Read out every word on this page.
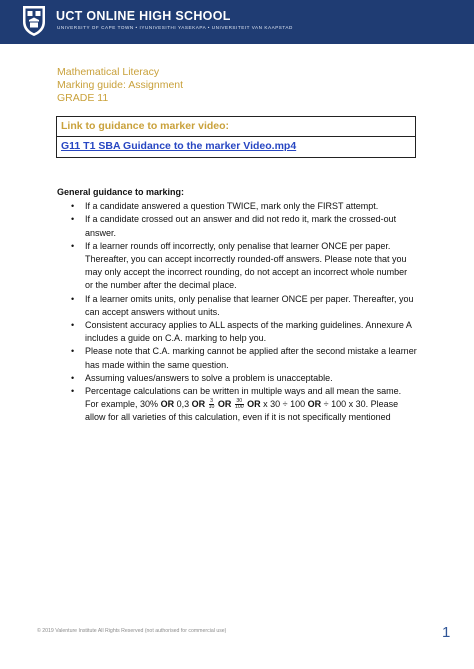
UCT ONLINE HIGH SCHOOL
UNIVERSITY OF CAPE TOWN • IYUNIVESITHI YASEKAPA • UNIVERSITEIT VAN KAAPSTAD
Mathematical Literacy
Marking guide: Assignment
GRADE 11
Link to guidance to marker video:
G11 T1 SBA Guidance to the marker Video.mp4
General guidance to marking:
• If a candidate answered a question TWICE, mark only the FIRST attempt.
• If a candidate crossed out an answer and did not redo it, mark the crossed-out answer.
• If a learner rounds off incorrectly, only penalise that learner ONCE per paper. Thereafter, you can accept incorrectly rounded-off answers. Please note that you may only accept the incorrect rounding, do not accept an incorrect whole number or the number after the decimal place.
• If a learner omits units, only penalise that learner ONCE per paper. Thereafter, you can accept answers without units.
• Consistent accuracy applies to ALL aspects of the marking guidelines. Annexure A includes a guide on C.A. marking to help you.
• Please note that C.A. marking cannot be applied after the second mistake a learner has made within the same question.
• Assuming values/answers to solve a problem is unacceptable.
• Percentage calculations can be written in multiple ways and all mean the same. For example, 30% OR 0,3 OR $\frac{3}{10}$ OR $\frac{30}{100}$ OR x 30 ÷ 100 OR ÷ 100 x 30. Please allow for all varieties of this calculation, even if it is not specifically mentioned
© 2019 Valenture Institute All Rights Reserved (not authorised for commercial use)	1
